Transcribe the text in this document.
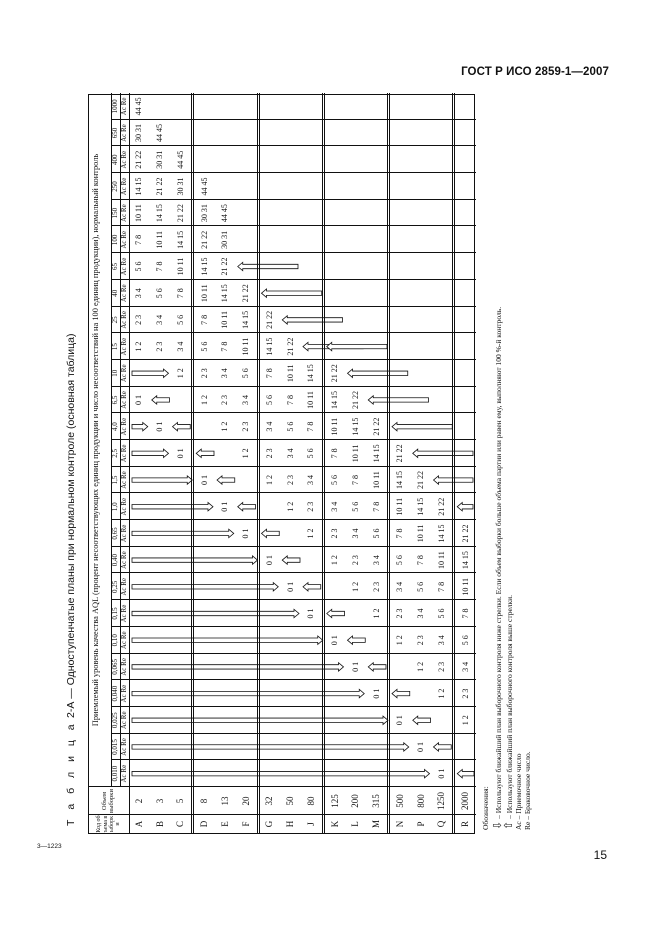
ГОСТ Р ИСО 2859-1—2007
3—1223
15
Т а б л и ц а 2-А — Одноступенчатые планы при нормальном контроле (основная таблица)
Код объема выборки
Объем выборки
Приемлемый уровень качества AQL (процент несоответствующих единиц продукции и число несоответствий на 100 единиц продукции), нормальный контроль
0,010 Ac Re
0,015 Ac Re
0,025 Ac Re
0,040 Ac Re
0,065 Ac Re
0,10 Ac Re
0,15 Ac Re
0,25 Ac Re
0,40 Ac Re
0,65 Ac Re
1,0 Ac Re
1,5 Ac Re
2,5 Ac Re
4,0 Ac Re
6,5 Ac Re
10 Ac Re
15 Ac Re
25 Ac Re
40 Ac Re
65 Ac Re
100 Ac Re
150 Ac Re
250 Ac Re
400 Ac Re
650 Ac Re
1000 Ac Re
A
2
0 1
1 2
2 3
3 4
5 6
7 8
10 11
14 15
21 22
30 31
44 45
B
3
0 1
2 3
3 4
5 6
7 8
10 11
14 15
21 22
30 31
44 45
C
5
0 1
1 2
3 4
5 6
7 8
10 11
14 15
21 22
30 31
44 45
D
8
0 1
1 2
2 3
5 6
7 8
10 11
14 15
21 22
30 31
44 45
E
13
0 1
1 2
2 3
3 4
7 8
10 11
14 15
21 22
30 31
44 45
F
20
0 1
1 2
2 3
3 4
5 6
10 11
14 15
21 22
G
32
0 1
1 2
2 3
3 4
5 6
7 8
14 15
21 22
H
50
0 1
1 2
2 3
3 4
5 6
7 8
10 11
21 22
J
80
0 1
1 2
2 3
3 4
5 6
7 8
10 11
14 15
K
125
0 1
1 2
2 3
3 4
5 6
7 8
10 11
14 15
21 22
L
200
0 1
1 2
2 3
3 4
5 6
7 8
10 11
14 15
21 22
M
315
0 1
1 2
2 3
3 4
5 6
7 8
10 11
14 15
21 22
N
500
0 1
1 2
2 3
3 4
5 6
7 8
10 11
14 15
21 22
P
800
0 1
1 2
2 3
3 4
5 6
7 8
10 11
14 15
21 22
Q
1250
0 1
1 2
2 3
3 4
5 6
7 8
10 11
14 15
21 22
R
2000
1 2
2 3
3 4
5 6
7 8
10 11
14 15
21 22
Обозначения: ⇩ – Используют ближайший план выборочного контроля ниже стрелки. Если объем выборки больше объема партии или равен ему, выполняют 100 %-й контроль.
⇧ – Используют ближайший план выборочного контроля выше стрелки.
Ac – Приемочное число
Re – Браковочное число.
